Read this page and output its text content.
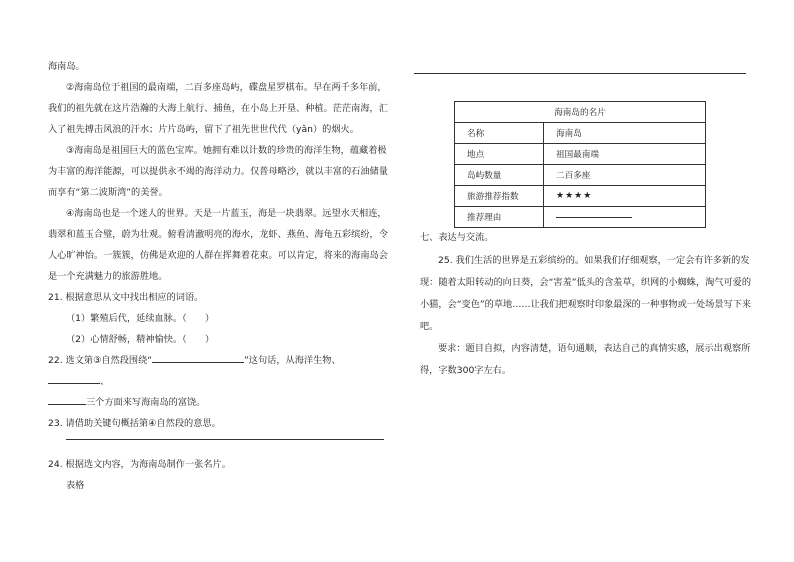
海南岛。

②海南岛位于祖国的最南端，二百多座岛屿，碟盘星罗棋布。早在两千多年前，我们的祖先就在这片浩瀚的大海上航行、捕鱼，在小岛上开垦、种植。茫茫南海，汇入了祖先搏击风浪的汗水；片片岛屿，留下了祖先世世代代（yǎn）的烟火。

③海南岛是祖国巨大的蓝色宝库。她拥有难以计数的珍贵的海洋生物，蕴藏着极为丰富的海洋能源，可以提供永不竭的海洋动力。仅普母略沙，就以丰富的石油储量而享有“第二波斯湾”的美誉。

④海南岛也是一个迷人的世界。天是一片蓝玉，海是一块翡翠。远望水天相连，翡翠和蓝玉合璧，蔚为壮观。俯看清澈明亮的海水，龙虾、燕鱼、海龟五彩缤纷，令人心旷神怡。一簇簇，仿佛是欢迎的人群在挥舞着花束。可以肯定，将来的海南岛会是一个充满魅力的旅游胜地。

21. 根据意思从文中找出相应的词语。

（1）繁殖后代，延续血脉。（　　）

（2）心情舒畅，精神愉快。（　　）

22. 选文第③自然段围绕“	”这句话，从海洋生物、、
三个方面来写海南岛的富饶。

23. 请借助关键句概括第④自然段的意思。

24. 根据选文内容，为海南岛制作一张名片。

表格

海南岛的名片	
名称	海南岛
地点	祖国最南端
岛屿数量	二百多座
旅游推荐指数	★★★★
推荐理由	

七、表达与交流。

25. 我们生活的世界是五彩缤纷的。如果我们仔细观察，一定会有许多新的发现：随着太阳转动的向日葵，会“害羞”低头的含羞草，织网的小蜘蛛，淘气可爱的小猫，会“变色”的草地……让我们把观察时印象最深的一种事物或一处场景写下来吧。

要求：题目自拟，内容清楚，语句通顺，表达自己的真情实感，展示出观察所得，字数300字左右。
